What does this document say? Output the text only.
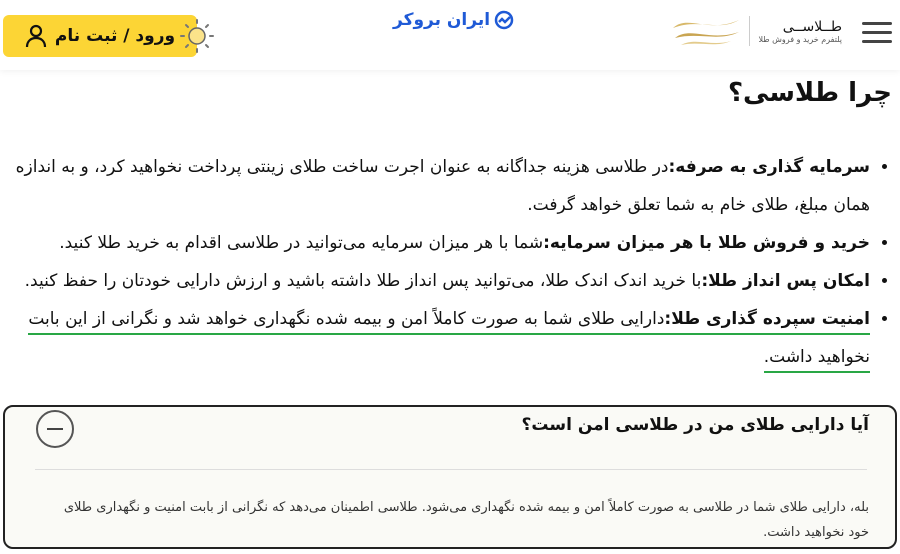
ورود / ثبت نام
ایران بروکر	طــلاســی
پلتفرم خرید و فروش طلا
چرا طلاسی؟
• سرمایه گذاری به صرفه:در طلاسی هزینه جداگانه به عنوان اجرت ساخت طلای زینتی پرداخت نخواهید کرد، و به اندازه همان مبلغ، طلای خام به شما تعلق خواهد گرفت.
• خرید و فروش طلا با هر میزان سرمایه:شما با هر میزان سرمایه می‌توانید در طلاسی اقدام به خرید طلا کنید.
• امکان پس انداز طلا:با خرید اندک اندک طلا، می‌توانید پس انداز طلا داشته باشید و ارزش دارایی خودتان را حفظ کنید.
• امنیت سپرده گذاری طلا:دارایی طلای شما به صورت کاملاً امن و بیمه شده نگهداری خواهد شد و نگرانی از این بابت نخواهید داشت.
آیا دارایی طلای من در طلاسی امن است؟

بله، دارایی طلای شما در طلاسی به صورت کاملاً امن و بیمه شده نگهداری می‌شود. طلاسی اطمینان می‌دهد که نگرانی از بابت امنیت و نگهداری طلای خود نخواهید داشت.
